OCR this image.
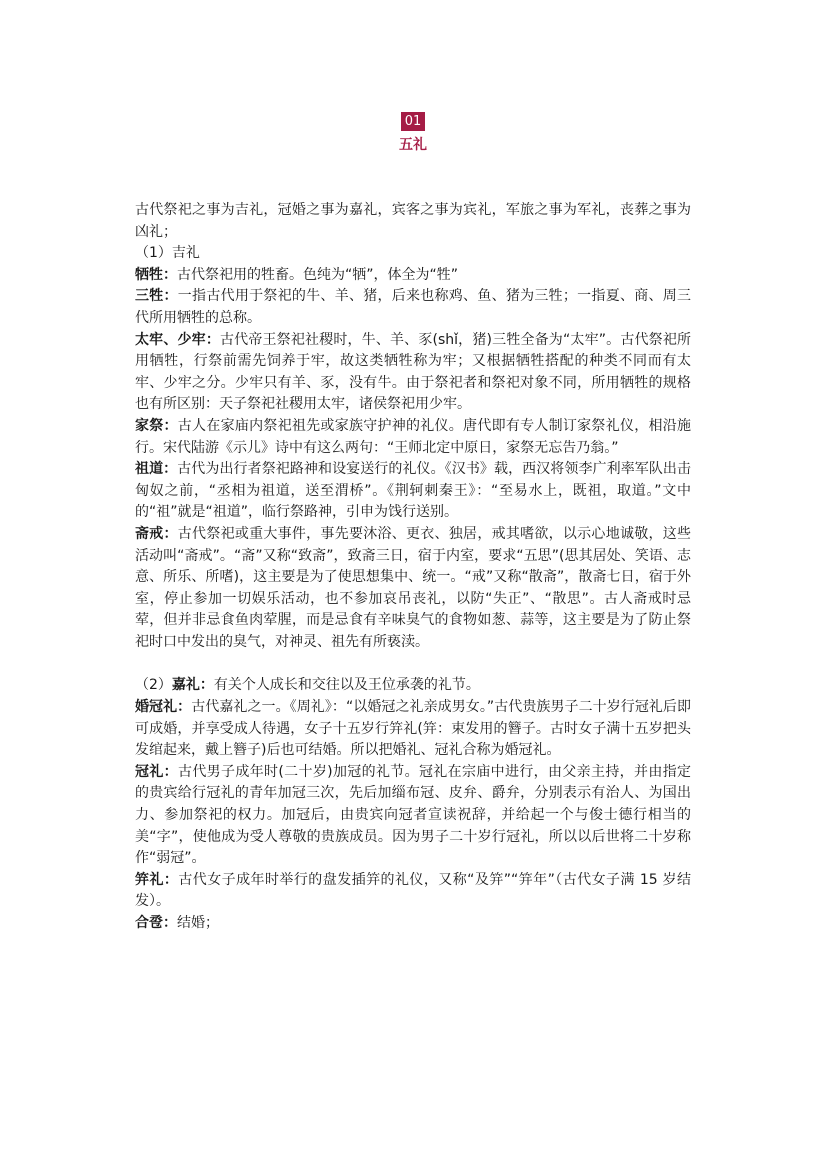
01
五礼

古代祭祀之事为吉礼，冠婚之事为嘉礼，宾客之事为宾礼，军旅之事为军礼，丧葬之事为凶礼；

（1）吉礼

牺牲：古代祭祀用的牲畜。色纯为“牺”，体全为“牲”

三牲：一指古代用于祭祀的牛、羊、猪，后来也称鸡、鱼、猪为三牲；一指夏、商、周三代所用牺牲的总称。

太牢、少牢：古代帝王祭祀社稷时，牛、羊、豕(shǐ，猪)三牲全备为“太牢”。古代祭祀所用牺牲，行祭前需先饲养于牢，故这类牺牲称为牢；又根据牺牲搭配的种类不同而有太牢、少牢之分。少牢只有羊、豕，没有牛。由于祭祀者和祭祀对象不同，所用牺牲的规格也有所区别：天子祭祀社稷用太牢，诸侯祭祀用少牢。

家祭：古人在家庙内祭祀祖先或家族守护神的礼仪。唐代即有专人制订家祭礼仪，相沿施行。宋代陆游《示儿》诗中有这么两句：“王师北定中原日，家祭无忘告乃翁。”

祖道：古代为出行者祭祀路神和设宴送行的礼仪。《汉书》载，西汉将领李广利率军队出击匈奴之前，“丞相为祖道，送至渭桥”。《荆轲刺秦王》：“至易水上，既祖，取道。”文中的“祖”就是“祖道”，临行祭路神，引申为饯行送别。

斋戒：古代祭祀或重大事件，事先要沐浴、更衣、独居，戒其嗜欲，以示心地诚敬，这些活动叫“斋戒”。“斋”又称“致斋”，致斋三日，宿于内室，要求“五思”(思其居处、笑语、志意、所乐、所嗜)，这主要是为了使思想集中、统一。“戒”又称“散斋”，散斋七日，宿于外室，停止参加一切娱乐活动，也不参加哀吊丧礼，以防“失正”、“散思”。古人斋戒时忌荤，但并非忌食鱼肉荤腥，而是忌食有辛味臭气的食物如葱、蒜等，这主要是为了防止祭祀时口中发出的臭气，对神灵、祖先有所亵渎。

（2）嘉礼：有关个人成长和交往以及王位承袭的礼节。

婚冠礼：古代嘉礼之一。《周礼》：“以婚冠之礼亲成男女。”古代贵族男子二十岁行冠礼后即可成婚，并享受成人待遇，女子十五岁行笄礼(笄：束发用的簪子。古时女子满十五岁把头发绾起来，戴上簪子)后也可结婚。所以把婚礼、冠礼合称为婚冠礼。

冠礼：古代男子成年时(二十岁)加冠的礼节。冠礼在宗庙中进行，由父亲主持，并由指定的贵宾给行冠礼的青年加冠三次，先后加缁布冠、皮弁、爵弁，分别表示有治人、为国出力、参加祭祀的权力。加冠后，由贵宾向冠者宣读祝辞，并给起一个与俊士德行相当的美“字”，使他成为受人尊敬的贵族成员。因为男子二十岁行冠礼，所以以后世将二十岁称作“弱冠”。

笄礼：古代女子成年时举行的盘发插笄的礼仪，又称“及笄”“笄年”（古代女子满 15 岁结发）。

合卺：结婚；
